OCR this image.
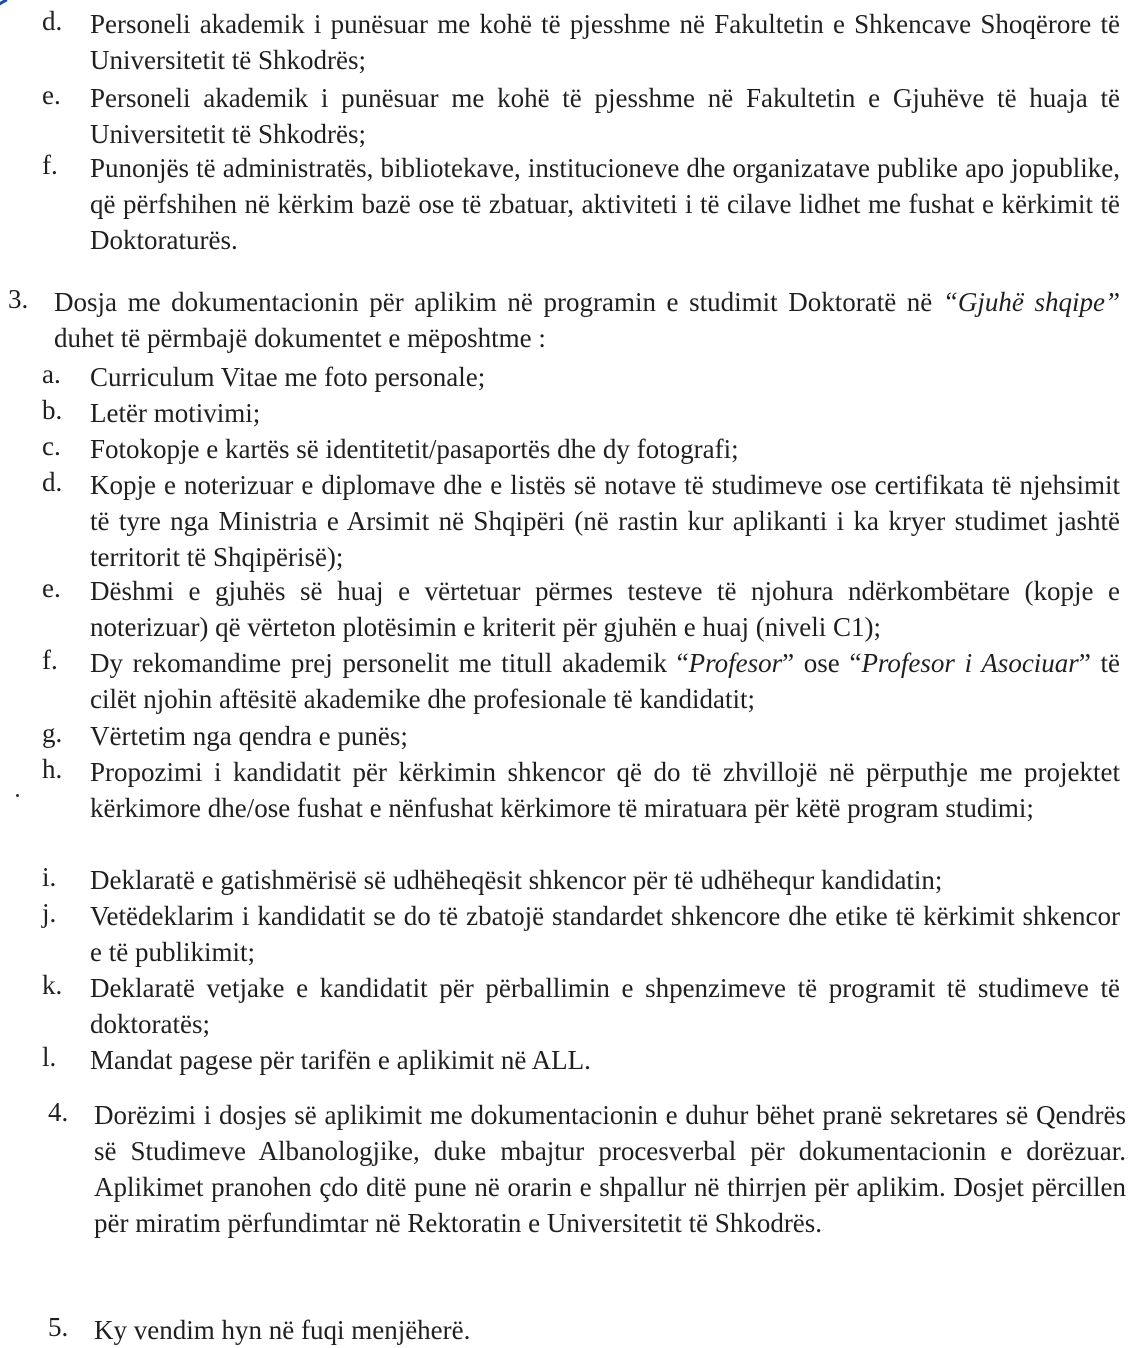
d.	Personeli akademik i punësuar me kohë të pjesshme në Fakultetin e Shkencave Shoqërore të Universitetit të Shkodrës;
e.	Personeli akademik i punësuar me kohë të pjesshme në Fakultetin e Gjuhëve të huaja të Universitetit të Shkodrës;
f.	Punonjës të administratës, bibliotekave, institucioneve dhe organizatave publike apo jopublike, që përfshihen në kërkim bazë ose të zbatuar, aktiviteti i të cilave lidhet me fushat e kërkimit të Doktoraturës.
3. Dosja me dokumentacionin për aplikim në programin e studimit Doktoratë në “Gjuhë shqipe” duhet të përmbajë dokumentet e mëposhtme :
a.	Curriculum Vitae me foto personale;
b.	Letër motivimi;
c.	Fotokopje e kartës së identitetit/pasaportës dhe dy fotografi;
d.	Kopje e noterizuar e diplomave dhe e listës së notave të studimeve ose certifikata të njehsimit të tyre nga Ministria e Arsimit në Shqipëri (në rastin kur aplikanti i ka kryer studimet jashtë territorit të Shqipërisë);
e.	Dëshmi e gjuhës së huaj e vërtetuar përmes testeve të njohura ndërkombëtare (kopje e noterizuar) që vërteton plotësimin e kriterit për gjuhën e huaj (niveli C1);
f.	Dy rekomandime prej personelit me titull akademik “Profesor” ose “Profesor i Asociuar” të cilët njohin aftësitë akademike dhe profesionale të kandidatit;
g.	Vërtetim nga qendra e punës;
h.	Propozimi i kandidatit për kërkimin shkencor që do të zhvillojë në përputhje me projektet kërkimore dhe/ose fushat e nënfushat kërkimore të miratuara për këtë program studimi;
i.	Deklaratë e gatishmërisë së udhëheqësit shkencor për të udhëhequr kandidatin;
j.	Vetëdeklarim i kandidatit se do të zbatojë standardet shkencore dhe etike të kërkimit shkencor e të publikimit;
k.	Deklaratë vetjake e kandidatit për përballimin e shpenzimeve të programit të studimeve të doktoratës;
l.	Mandat pagese për tarifën e aplikimit në ALL.
4. Dorëzimi i dosjes së aplikimit me dokumentacionin e duhur bëhet pranë sekretares së Qendrës së Studimeve Albanologjike, duke mbajtur procesverbal për dokumentacionin e dorëzuar. Aplikimet pranohen çdo ditë pune në orarin e shpallur në thirrjen për aplikim. Dosjet përcillen për miratim përfundimtar në Rektoratin e Universitetit të Shkodrës.
5. Ky vendim hyn në fuqi menjëherë.
